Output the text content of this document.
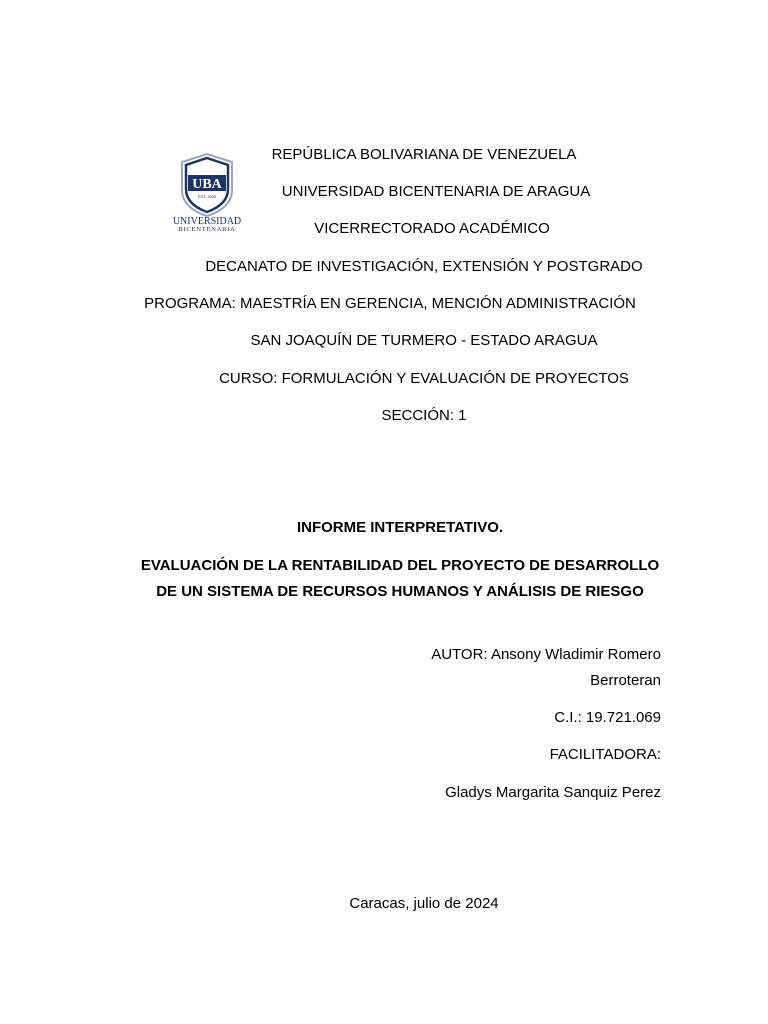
UBA
EST. 2000
UNIVERSIDAD
BICENTENARIA
REPÚBLICA BOLIVARIANA DE VENEZUELA
UNIVERSIDAD BICENTENARIA DE ARAGUA
VICERRECTORADO ACADÉMICO
DECANATO DE INVESTIGACIÓN, EXTENSIÓN Y POSTGRADO
PROGRAMA: MAESTRÍA EN GERENCIA, MENCIÓN ADMINISTRACIÓN
SAN JOAQUÍN DE TURMERO - ESTADO ARAGUA
CURSO: FORMULACIÓN Y EVALUACIÓN DE PROYECTOS
SECCIÓN: 1
INFORME INTERPRETATIVO.
EVALUACIÓN DE LA RENTABILIDAD DEL PROYECTO DE DESARROLLO DE UN SISTEMA DE RECURSOS HUMANOS Y ANÁLISIS DE RIESGO
AUTOR: Ansony Wladimir Romero
Berroteran
C.I.: 19.721.069
FACILITADORA:
Gladys Margarita Sanquiz Perez
Caracas, julio de 2024
